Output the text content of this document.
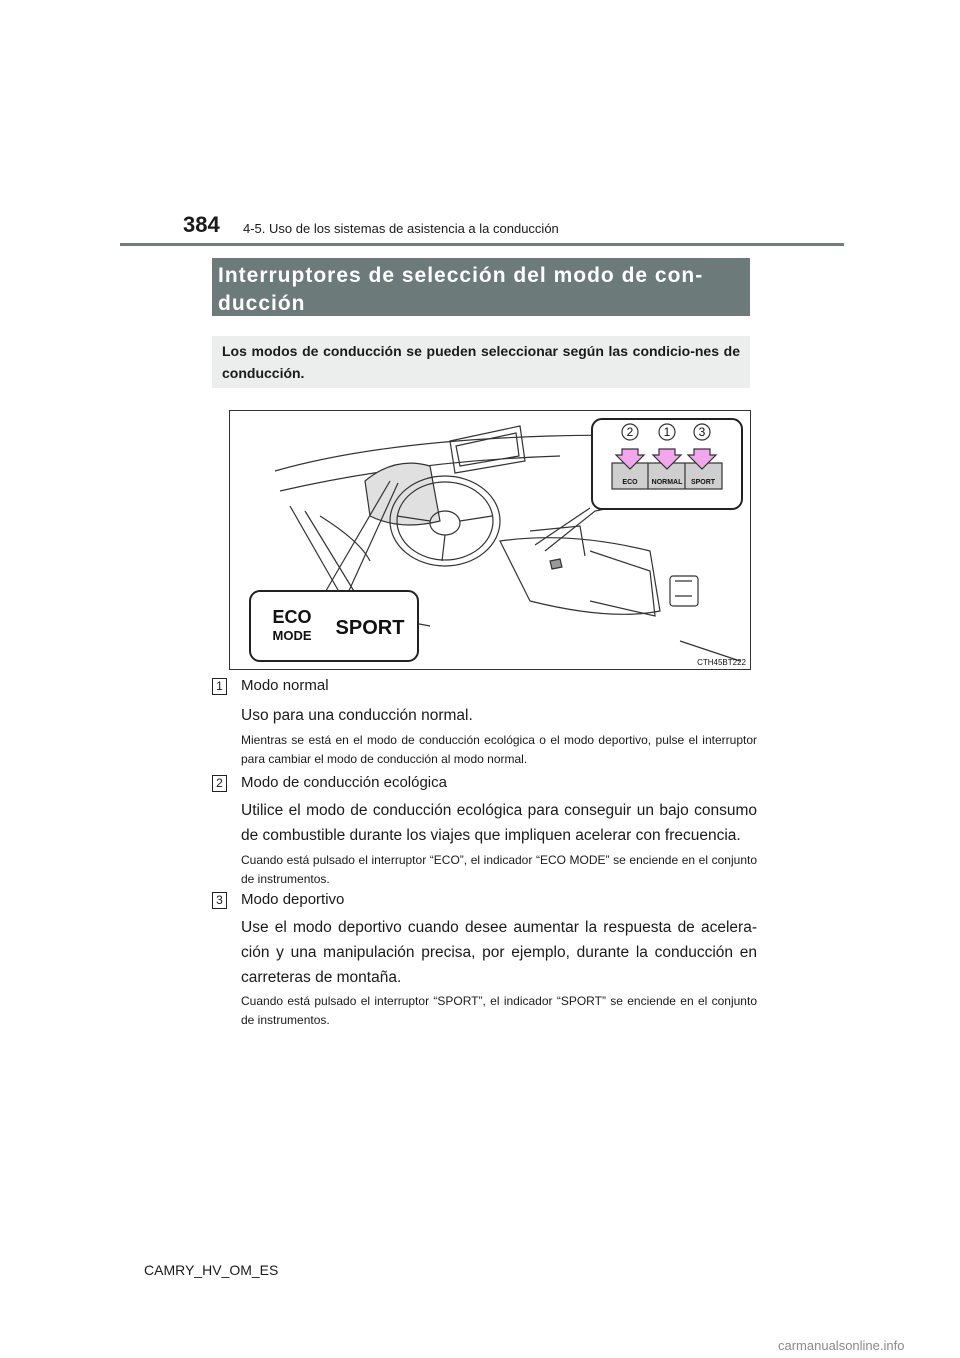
384 4-5. Uso de los sistemas de asistencia a la conducción
Interruptores de selección del modo de con-
ducción
Los modos de conducción se pueden seleccionar según las condicio-nes de conducción.
2	1 3
ECO NORMAL SPORT
ECO
MODE SPORT
CTH45BT222
1 Modo normal
Uso para una conducción normal.
Mientras se está en el modo de conducción ecológica o el modo deportivo, pulse el interruptor para cambiar el modo de conducción al modo normal.
2 Modo de conducción ecológica
Utilice el modo de conducción ecológica para conseguir un bajo consumo de combustible durante los viajes que impliquen acelerar con frecuencia.
Cuando está pulsado el interruptor “ECO”, el indicador “ECO MODE” se enciende en el conjunto de instrumentos.
3 Modo deportivo
Use el modo deportivo cuando desee aumentar la respuesta de acelera-ción y una manipulación precisa, por ejemplo, durante la conducción en carreteras de montaña.
Cuando está pulsado el interruptor “SPORT”, el indicador “SPORT” se enciende en el conjunto de instrumentos.
CAMRY_HV_OM_ES
carmanualsonline.info
